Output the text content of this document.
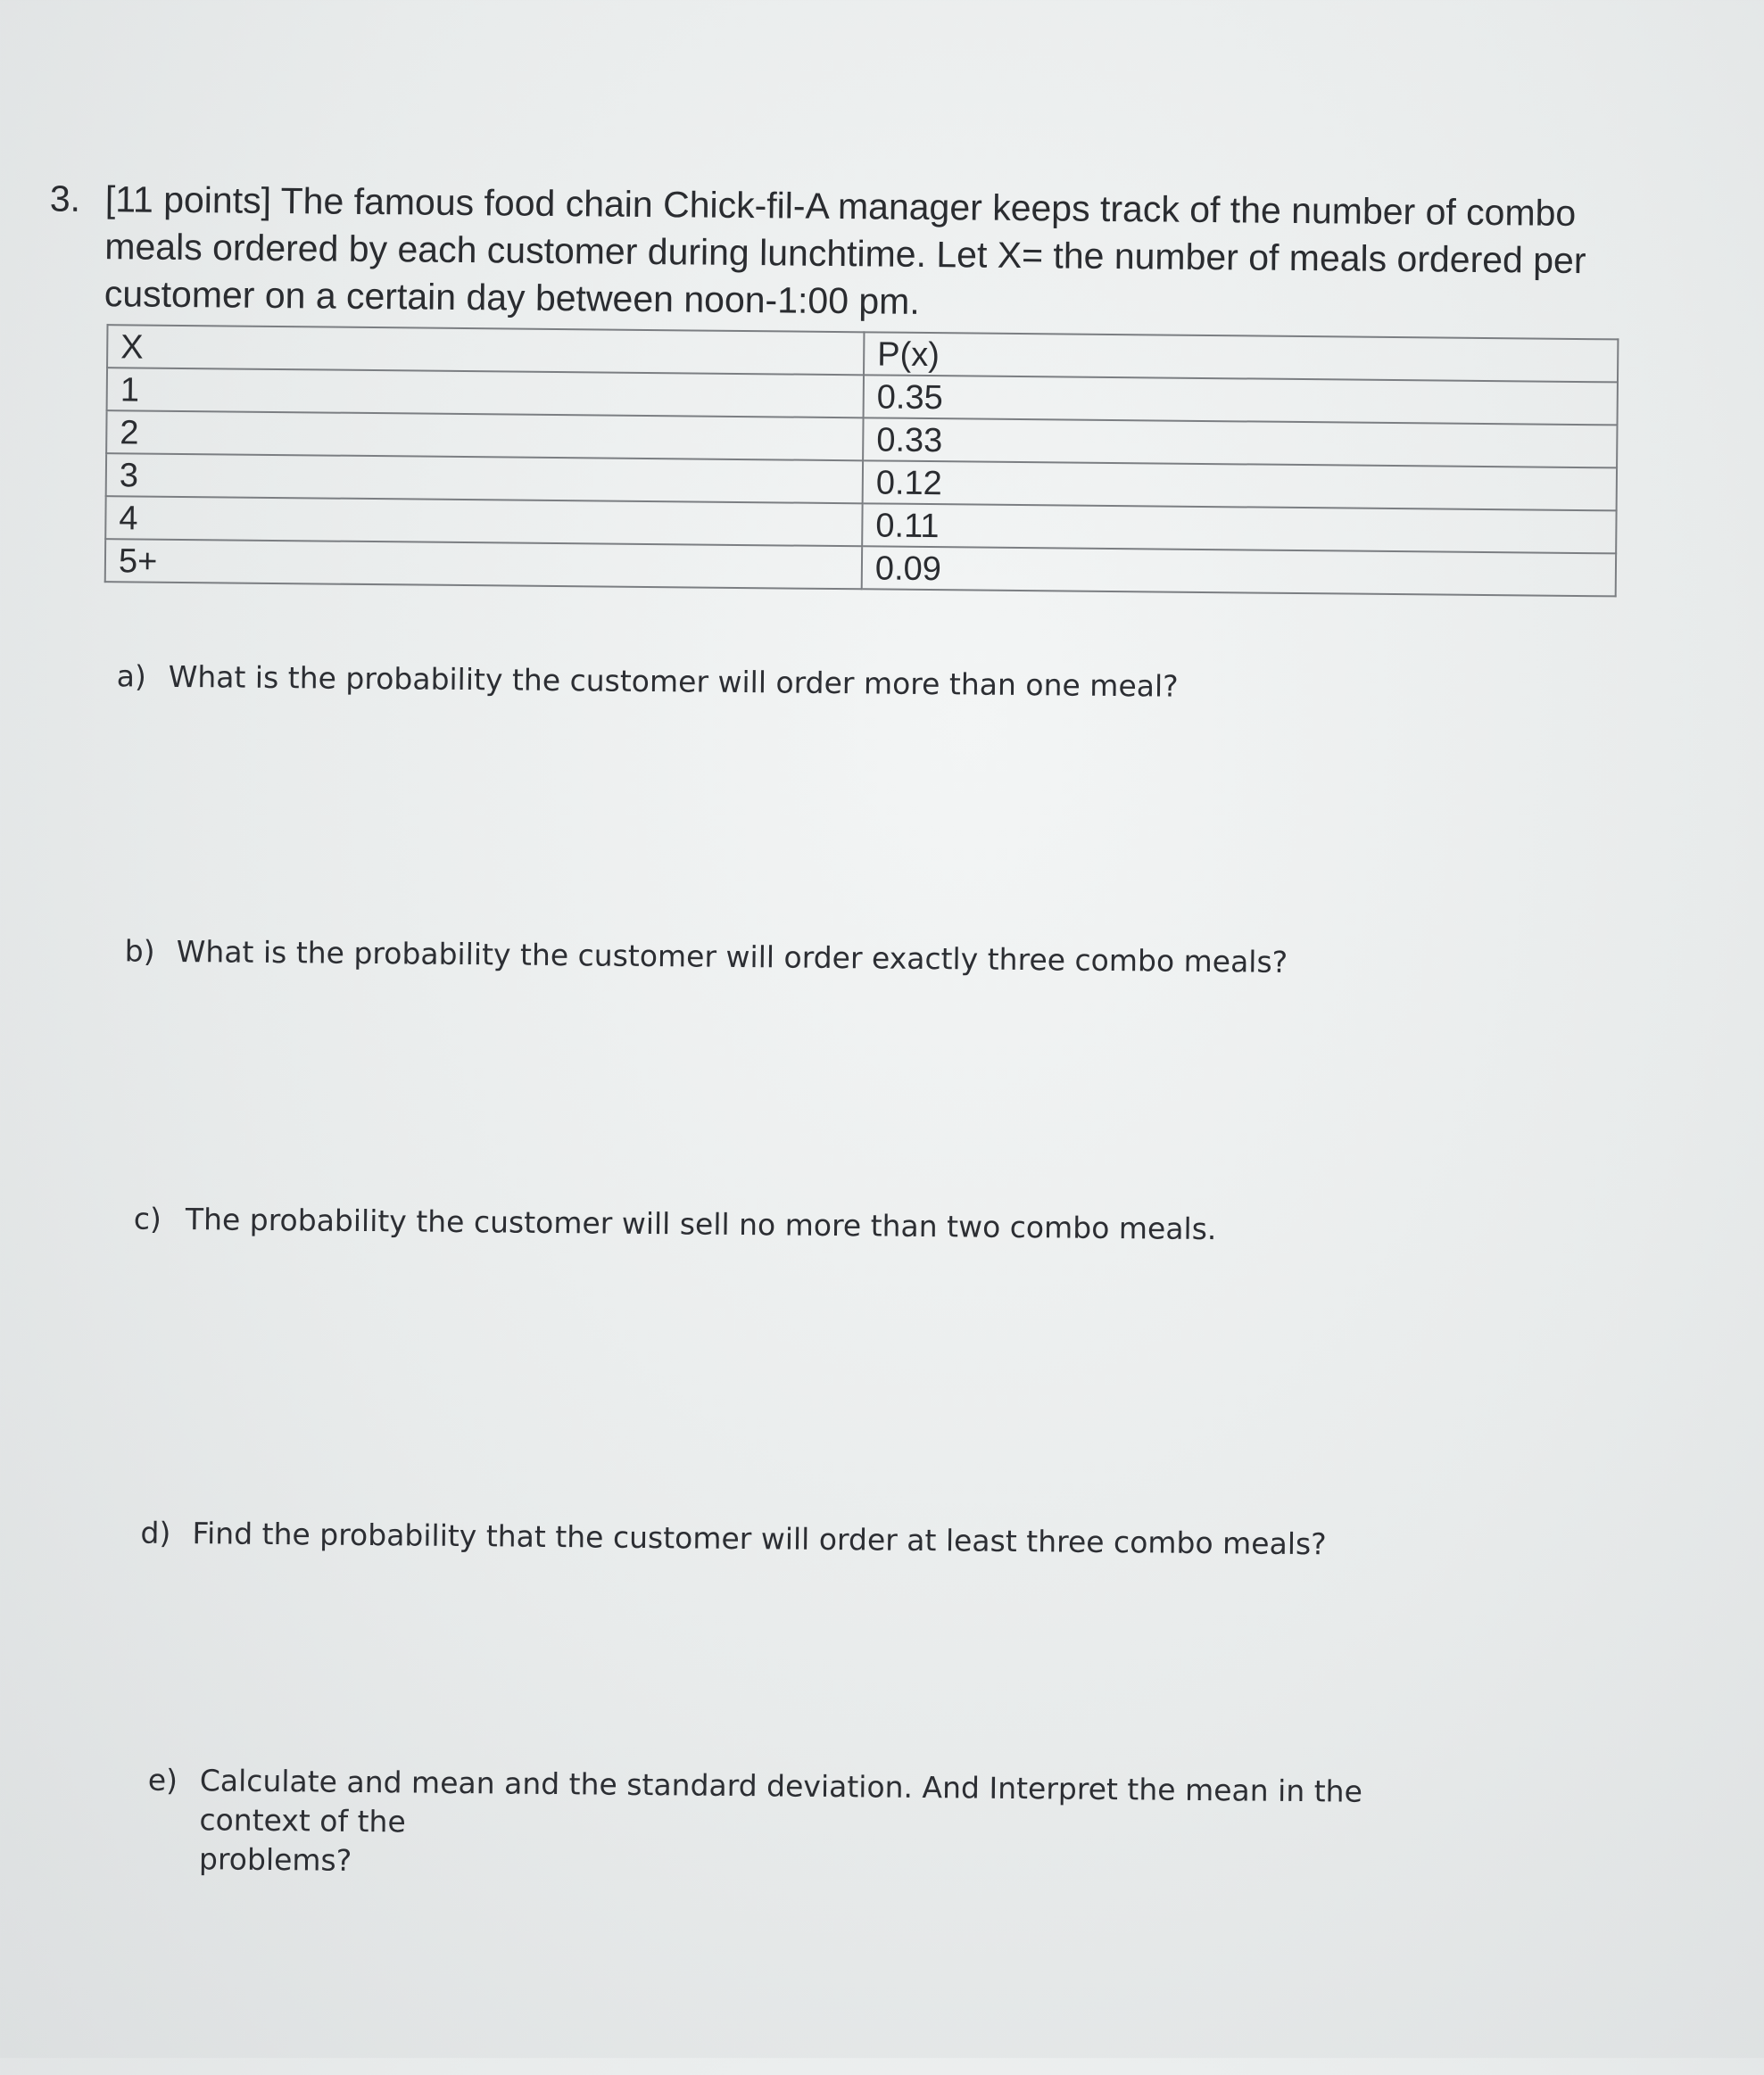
3. [11 points] The famous food chain Chick-fil-A manager keeps track of the number of combo
meals ordered by each customer during lunchtime. Let X= the number of meals ordered per
customer on a certain day between noon-1:00 pm.
X	P(x)
1	0.35
2	0.33
3	0.12
4	0.11
5+	0.09
a) What is the probability the customer will order more than one meal?
b) What is the probability the customer will order exactly three combo meals?
c) The probability the customer will sell no more than two combo meals.
d) Find the probability that the customer will order at least three combo meals?
e) Calculate and mean and the standard deviation. And Interpret the mean in the context of the
problems?
